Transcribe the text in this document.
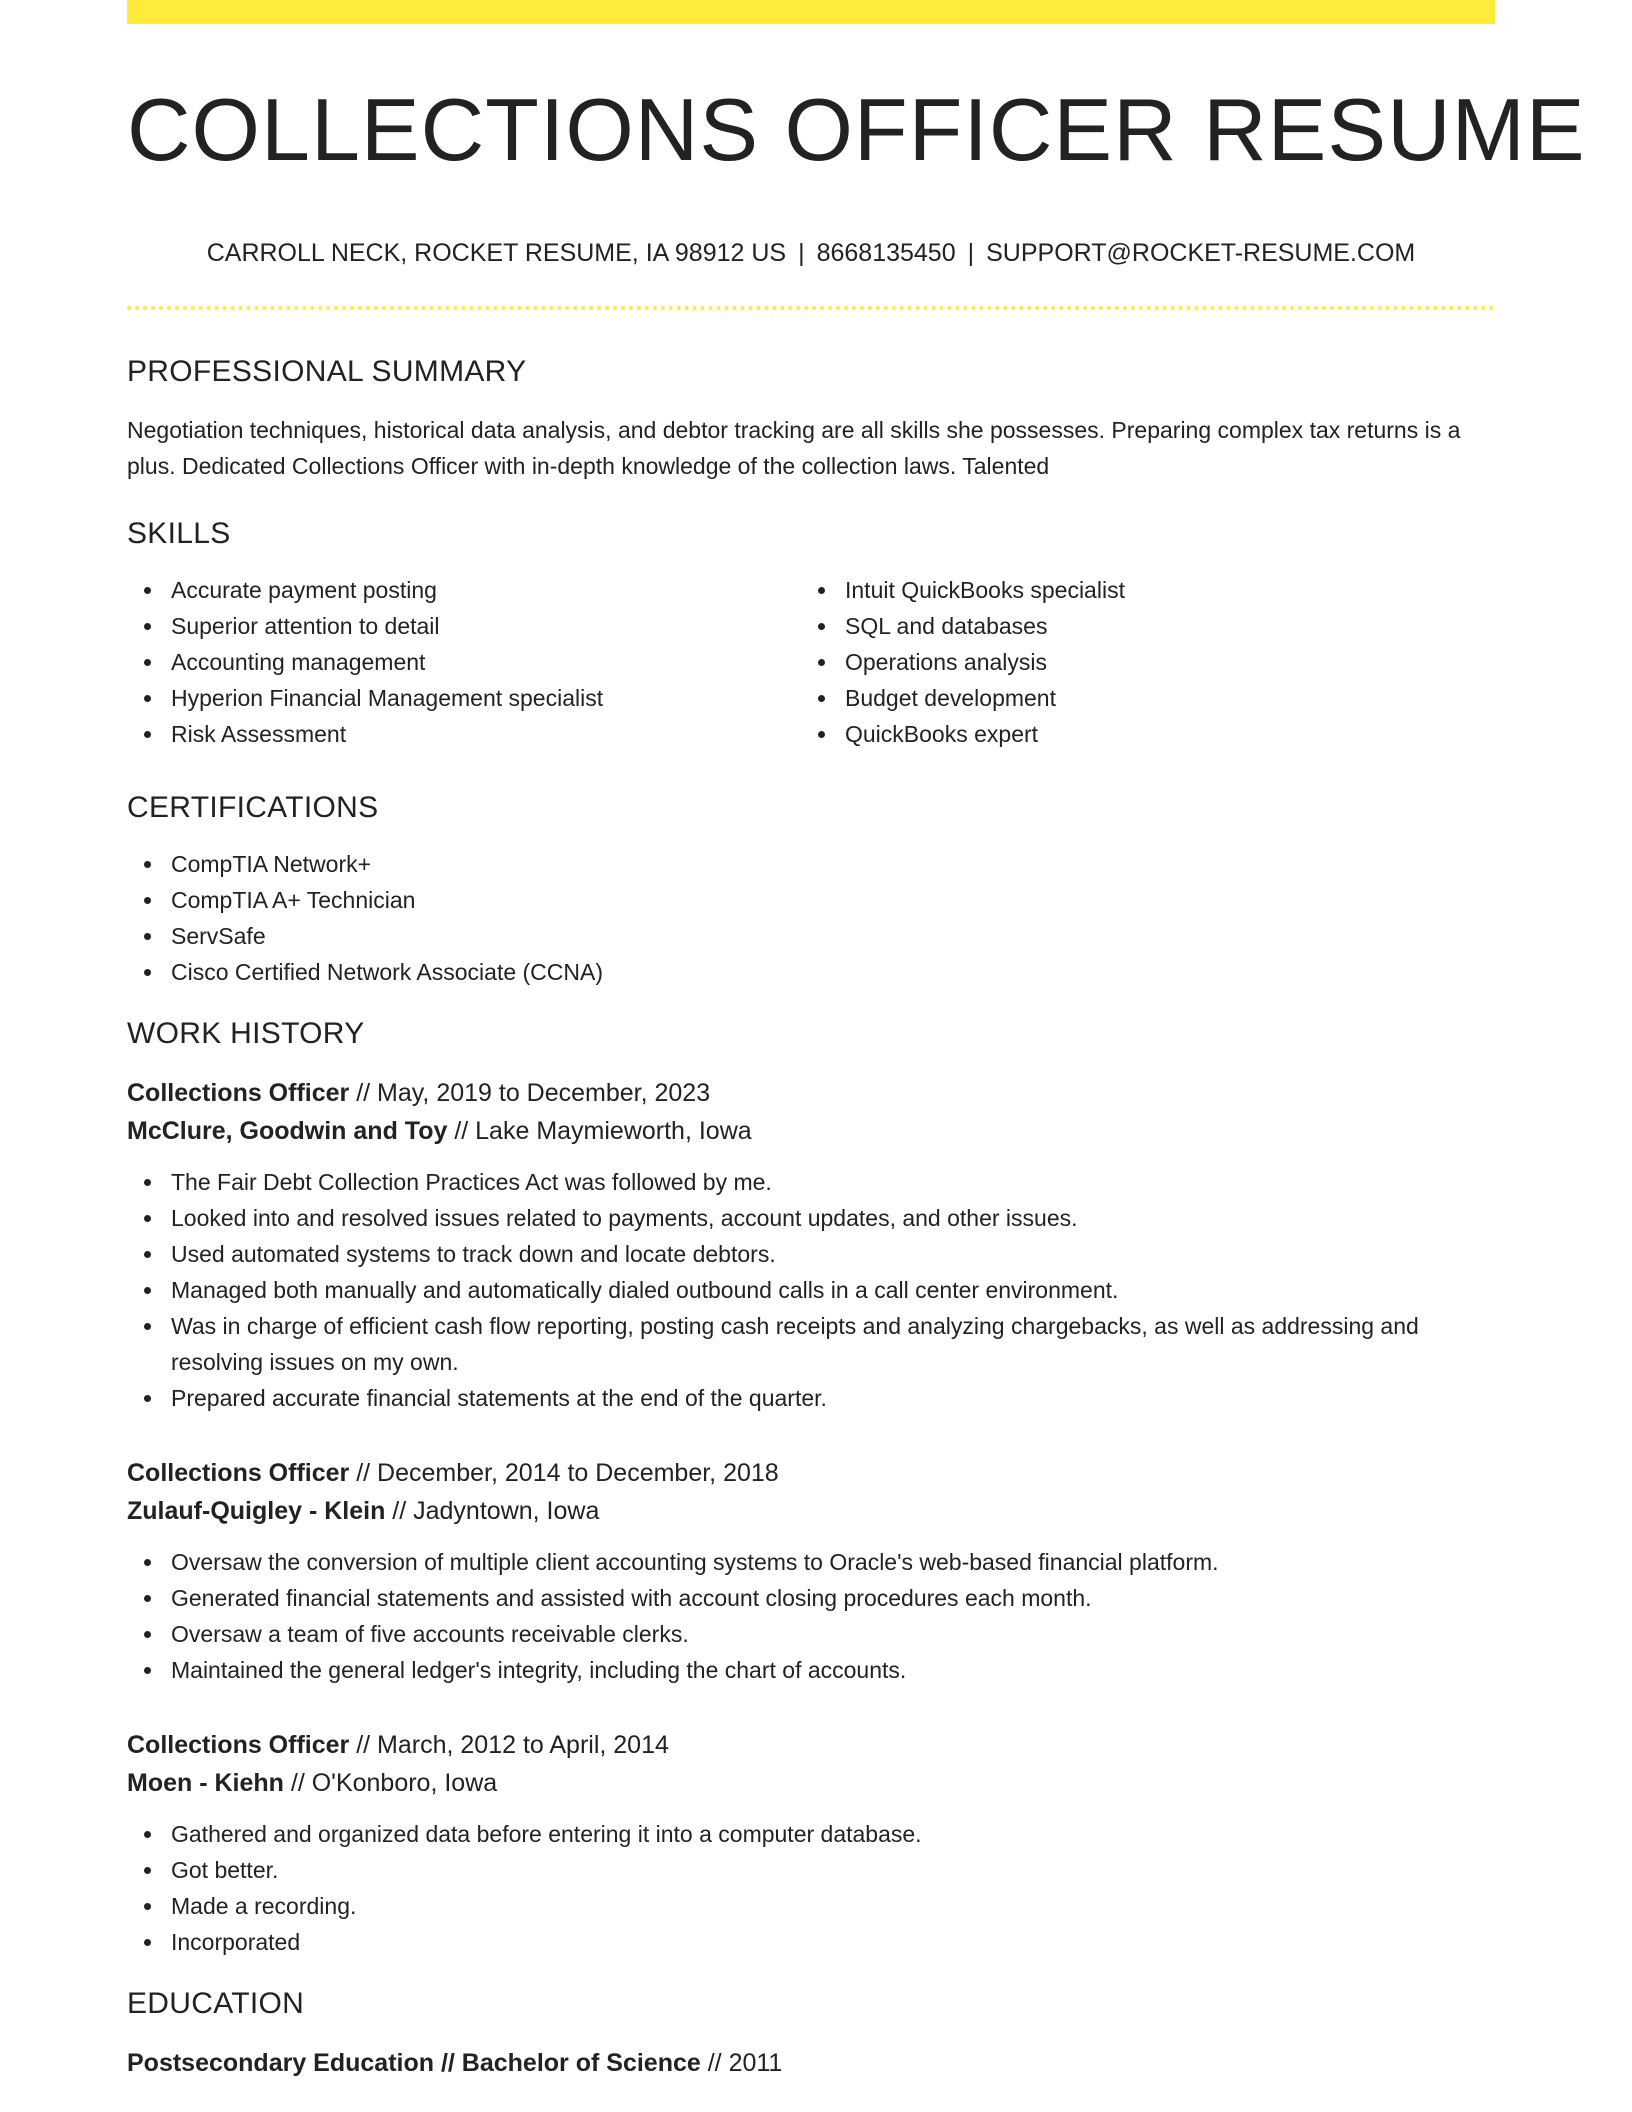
COLLECTIONS OFFICER RESUME
CARROLL NECK, ROCKET RESUME, IA 98912 US | 8668135450 | SUPPORT@ROCKET-RESUME.COM
PROFESSIONAL SUMMARY

Negotiation techniques, historical data analysis, and debtor tracking are all skills she possesses. Preparing complex tax returns is a plus. Dedicated Collections Officer with in-depth knowledge of the collection laws. Talented

SKILLS
Accurate payment posting
Superior attention to detail
Accounting management
Hyperion Financial Management specialist
Risk Assessment
Intuit QuickBooks specialist
SQL and databases
Operations analysis
Budget development
QuickBooks expert
CERTIFICATIONS
CompTIA Network+
CompTIA A+ Technician
ServSafe
Cisco Certified Network Associate (CCNA)
WORK HISTORY
Collections Officer // May, 2019 to December, 2023
McClure, Goodwin and Toy // Lake Maymieworth, Iowa
The Fair Debt Collection Practices Act was followed by me.
Looked into and resolved issues related to payments, account updates, and other issues.
Used automated systems to track down and locate debtors.
Managed both manually and automatically dialed outbound calls in a call center environment.
Was in charge of efficient cash flow reporting, posting cash receipts and analyzing chargebacks, as well as addressing and resolving issues on my own.
Prepared accurate financial statements at the end of the quarter.
Collections Officer // December, 2014 to December, 2018
Zulauf-Quigley - Klein // Jadyntown, Iowa
Oversaw the conversion of multiple client accounting systems to Oracle's web-based financial platform.
Generated financial statements and assisted with account closing procedures each month.
Oversaw a team of five accounts receivable clerks.
Maintained the general ledger's integrity, including the chart of accounts.
Collections Officer // March, 2012 to April, 2014
Moen - Kiehn // O'Konboro, Iowa
Gathered and organized data before entering it into a computer database.
Got better.
Made a recording.
Incorporated
EDUCATION
Postsecondary Education // Bachelor of Science // 2011
